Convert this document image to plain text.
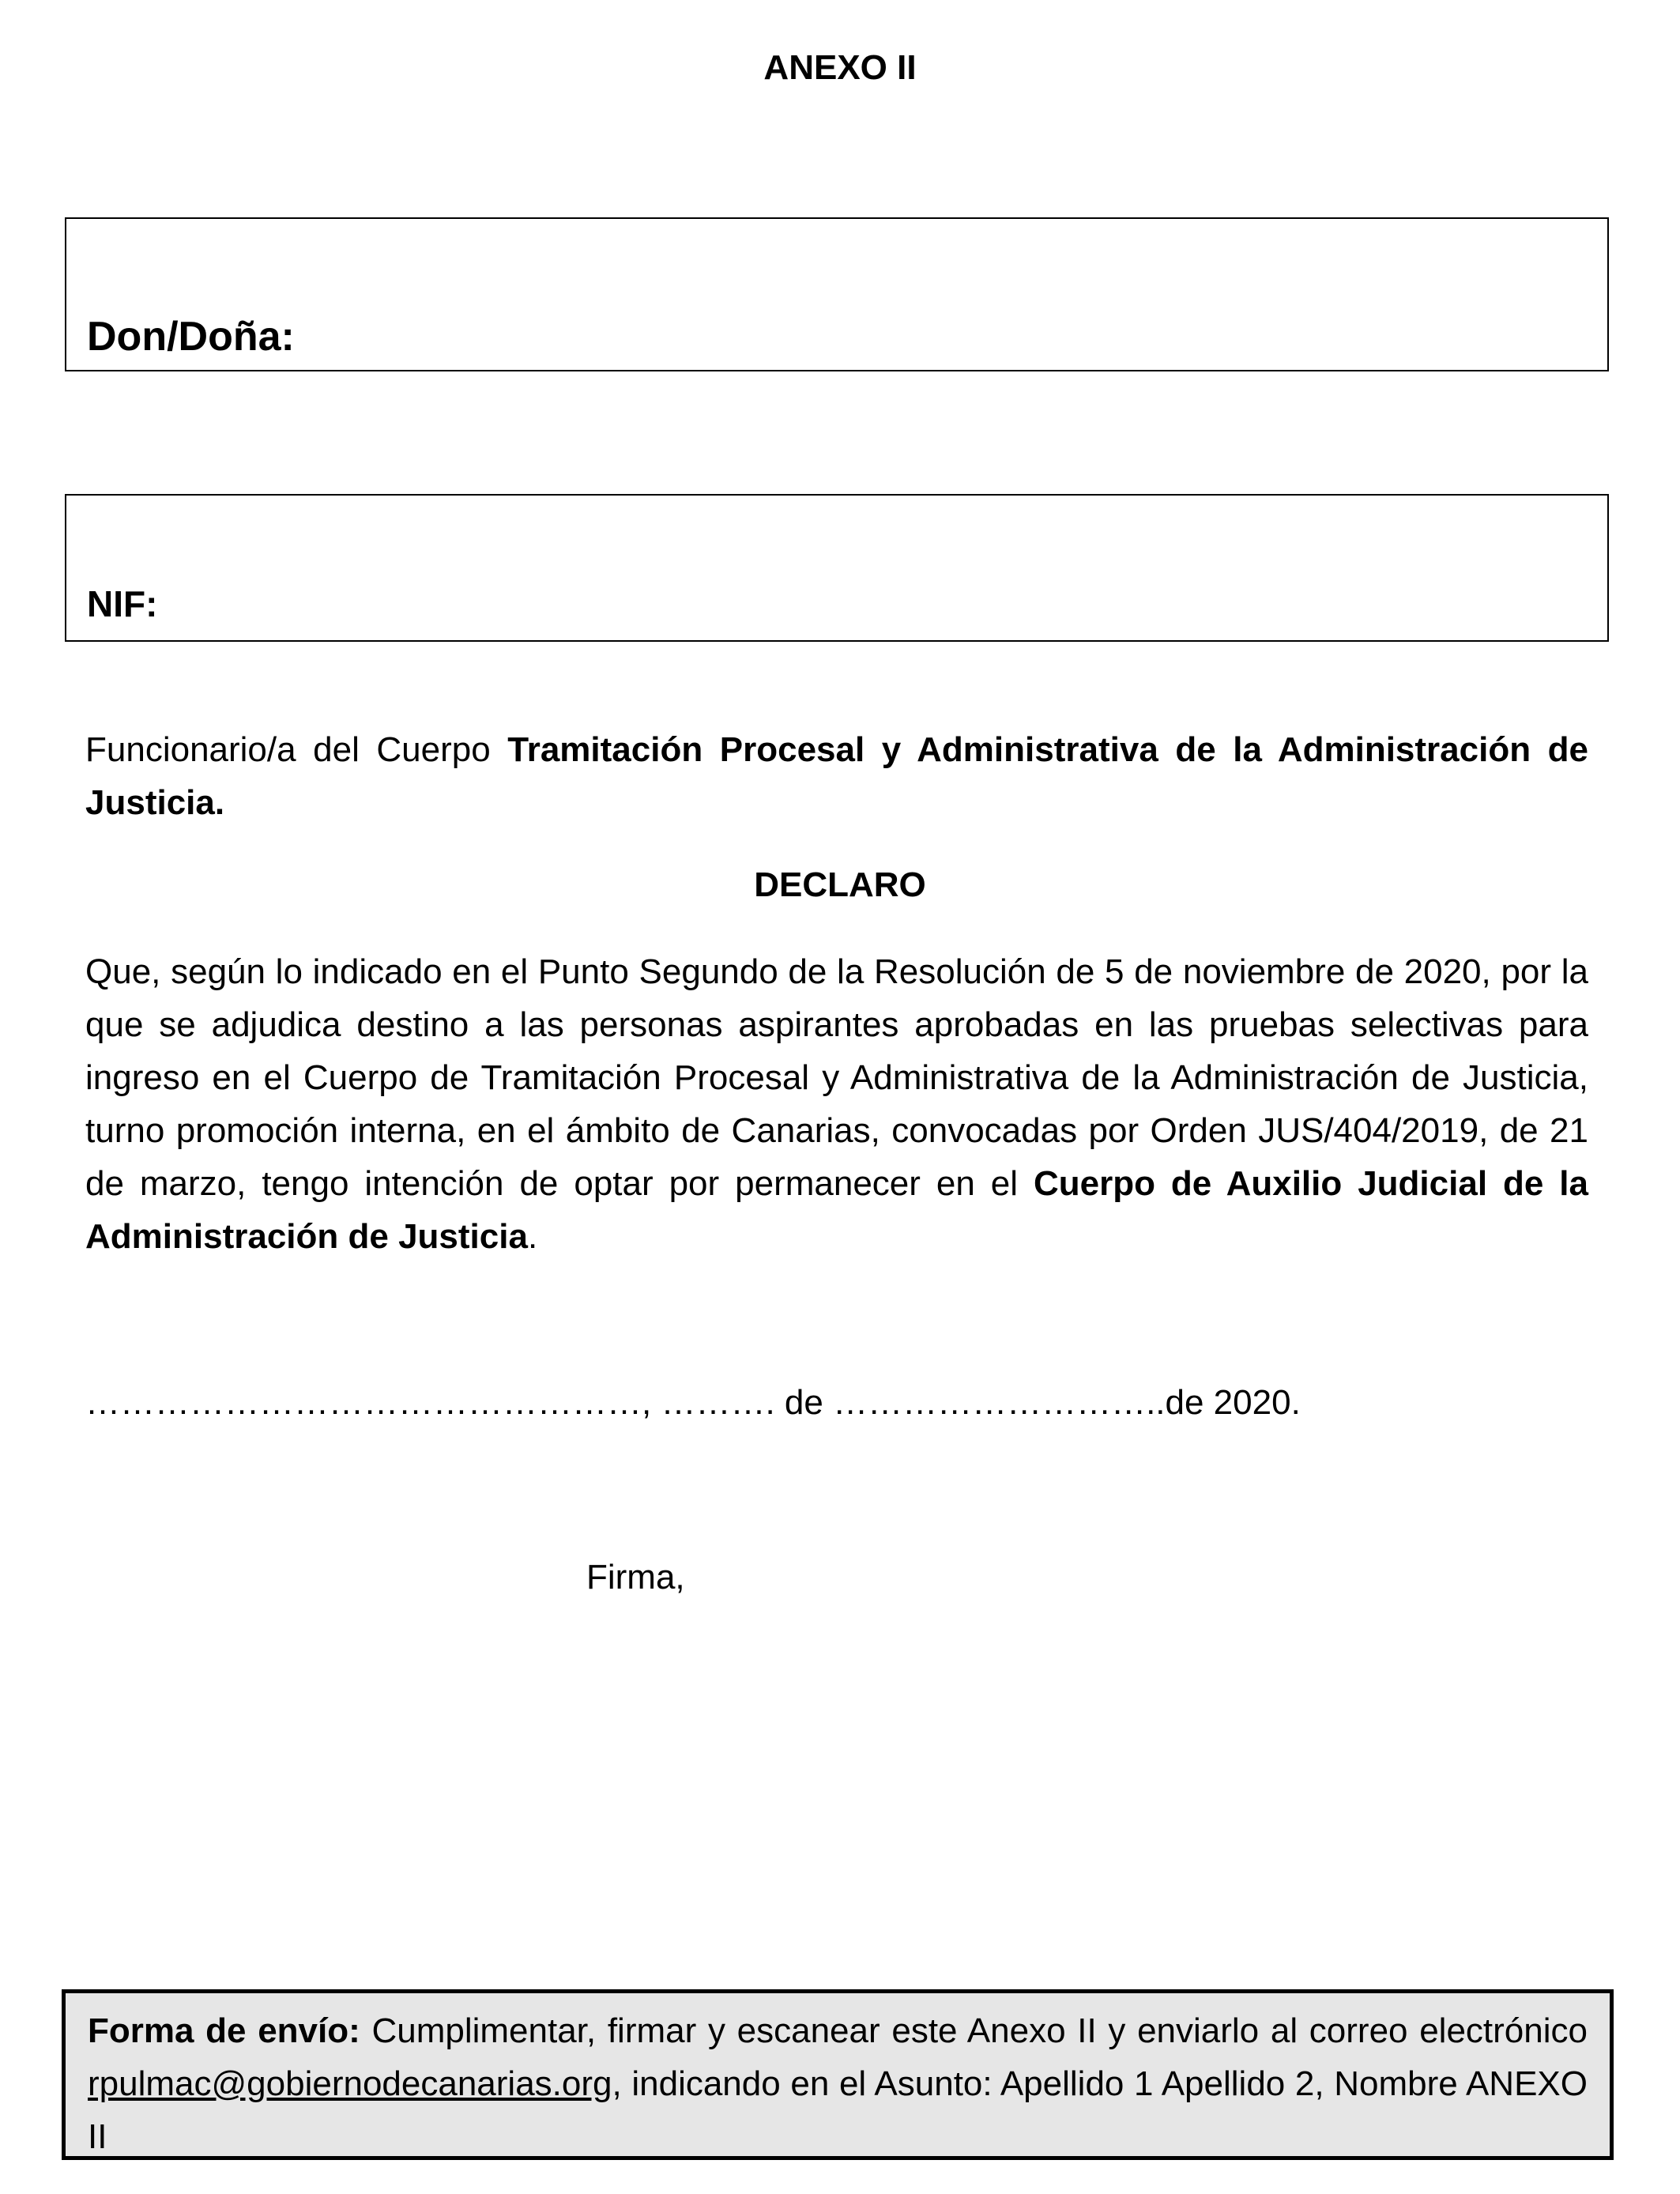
ANEXO II
Don/Doña:
NIF:
Funcionario/a del Cuerpo Tramitación Procesal y Administrativa de la Administración de Justicia.
DECLARO
Que, según lo indicado en el Punto Segundo de la Resolución de 5 de noviembre de 2020, por la que se adjudica destino a las personas aspirantes aprobadas en las pruebas selectivas para ingreso en el Cuerpo de Tramitación Procesal y Administrativa de la Administración de Justicia, turno promoción interna, en el ámbito de Canarias, convocadas por Orden JUS/404/2019, de 21 de marzo, tengo intención de optar por permanecer en el Cuerpo de Auxilio Judicial de la Administración de Justicia.
…………………………………………, ………. de ………………………..de 2020.
Firma,
Forma de envío: Cumplimentar, firmar y escanear este Anexo II y enviarlo al correo electrónico rpulmac@gobiernodecanarias.org, indicando en el Asunto: Apellido 1 Apellido 2, Nombre ANEXO II
